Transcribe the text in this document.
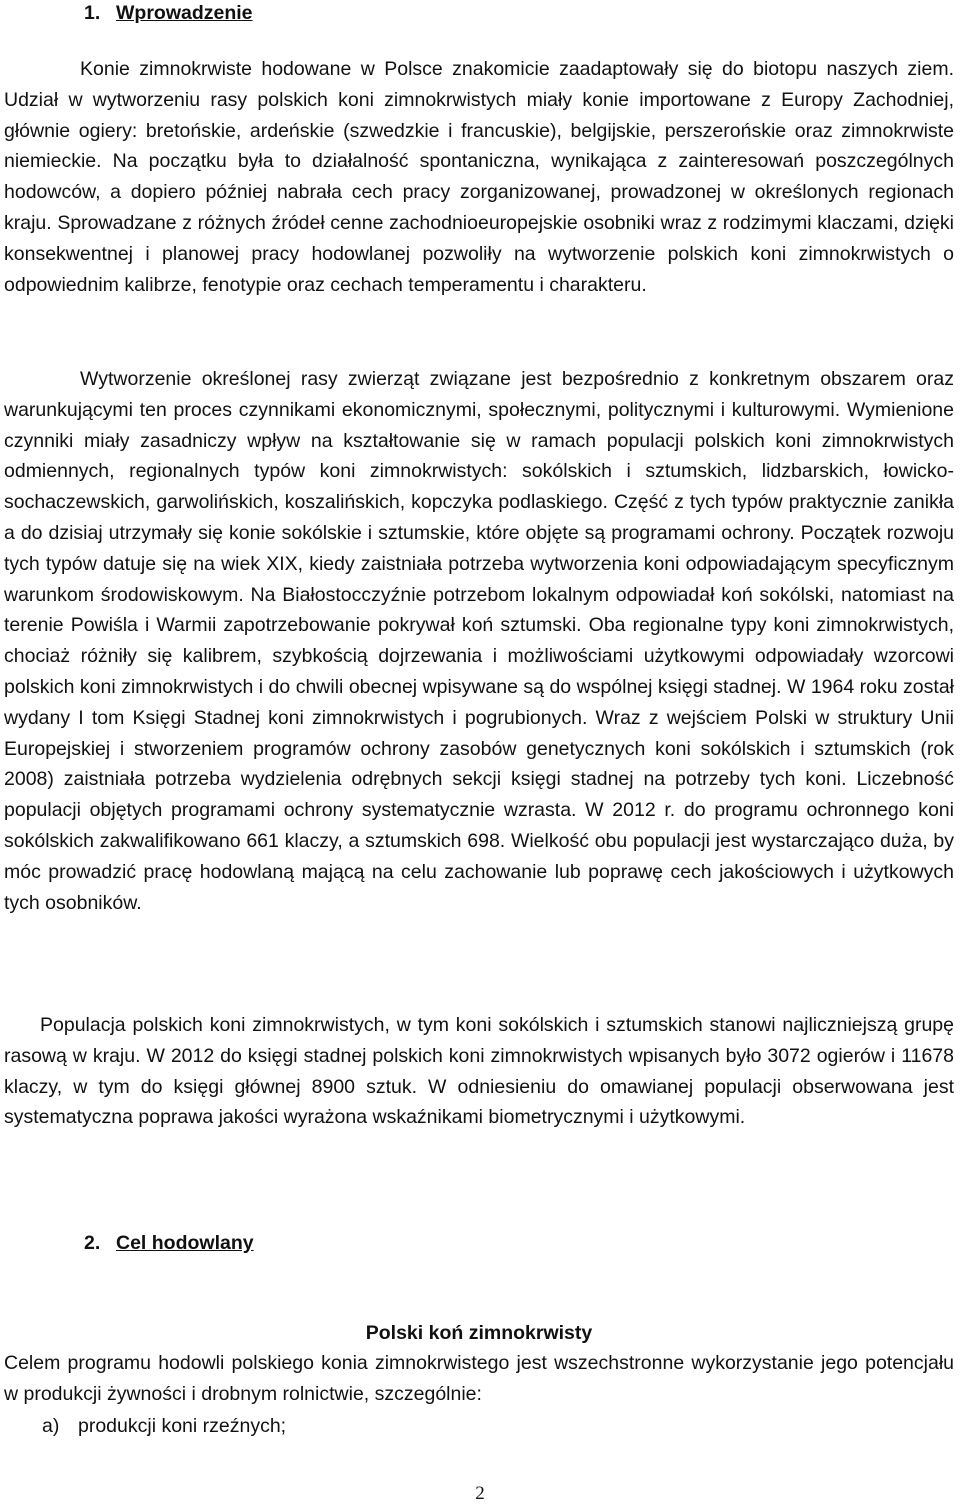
1. Wprowadzenie
Konie zimnokrwiste hodowane w Polsce znakomicie zaadaptowały się do biotopu naszych ziem. Udział w wytworzeniu rasy polskich koni zimnokrwistych miały konie importowane z Europy Zachodniej, głównie ogiery: bretońskie, ardeńskie (szwedzkie i francuskie), belgijskie, perszerońskie oraz zimnokrwiste niemieckie. Na początku była to działalność spontaniczna, wynikająca z zainteresowań poszczególnych hodowców, a dopiero później nabrała cech pracy zorganizowanej, prowadzonej w określonych regionach kraju. Sprowadzane z różnych źródeł cenne zachodnioeuropejskie osobniki wraz z rodzimymi klaczami, dzięki konsekwentnej i planowej pracy hodowlanej pozwoliły na wytworzenie polskich koni zimnokrwistych o odpowiednim kalibrze, fenotypie oraz cechach temperamentu i charakteru.

Wytworzenie określonej rasy zwierząt związane jest bezpośrednio z konkretnym obszarem oraz warunkującymi ten proces czynnikami ekonomicznymi, społecznymi, politycznymi i kulturowymi. Wymienione czynniki miały zasadniczy wpływ na kształtowanie się w ramach populacji polskich koni zimnokrwistych odmiennych, regionalnych typów koni zimnokrwistych: sokólskich i sztumskich, lidzbarskich, łowicko-sochaczewskich, garwolińskich, koszalińskich, kopczyka podlaskiego. Część z tych typów praktycznie zanikła a do dzisiaj utrzymały się konie sokólskie i sztumskie, które objęte są programami ochrony. Początek rozwoju tych typów datuje się na wiek XIX, kiedy zaistniała potrzeba wytworzenia koni odpowiadającym specyficznym warunkom środowiskowym. Na Białostocczyźnie potrzebom lokalnym odpowiadał koń sokólski, natomiast na terenie Powiśla i Warmii zapotrzebowanie pokrywał koń sztumski. Oba regionalne typy koni zimnokrwistych, chociaż różniły się kalibrem, szybkością dojrzewania i możliwościami użytkowymi odpowiadały wzorcowi polskich koni zimnokrwistych i do chwili obecnej wpisywane są do wspólnej księgi stadnej. W 1964 roku został wydany I tom Księgi Stadnej koni zimnokrwistych i pogrubionych. Wraz z wejściem Polski w struktury Unii Europejskiej i stworzeniem programów ochrony zasobów genetycznych koni sokólskich i sztumskich (rok 2008) zaistniała potrzeba wydzielenia odrębnych sekcji księgi stadnej na potrzeby tych koni. Liczebność populacji objętych programami ochrony systematycznie wzrasta. W 2012 r. do programu ochronnego koni sokólskich zakwalifikowano 661 klaczy, a sztumskich 698. Wielkość obu populacji jest wystarczająco duża, by móc prowadzić pracę hodowlaną mającą na celu zachowanie lub poprawę cech jakościowych i użytkowych tych osobników.

Populacja polskich koni zimnokrwistych, w tym koni sokólskich i sztumskich stanowi najliczniejszą grupę rasową w kraju. W 2012 do księgi stadnej polskich koni zimnokrwistych wpisanych było 3072 ogierów i 11678 klaczy, w tym do księgi głównej 8900 sztuk. W odniesieniu do omawianej populacji obserwowana jest systematyczna poprawa jakości wyrażona wskaźnikami biometrycznymi i użytkowymi.

2. Cel hodowlany
Polski koń zimnokrwisty

Celem programu hodowli polskiego konia zimnokrwistego jest wszechstronne wykorzystanie jego potencjału w produkcji żywności i drobnym rolnictwie, szczególnie:

a) produkcji koni rzeźnych;
2
